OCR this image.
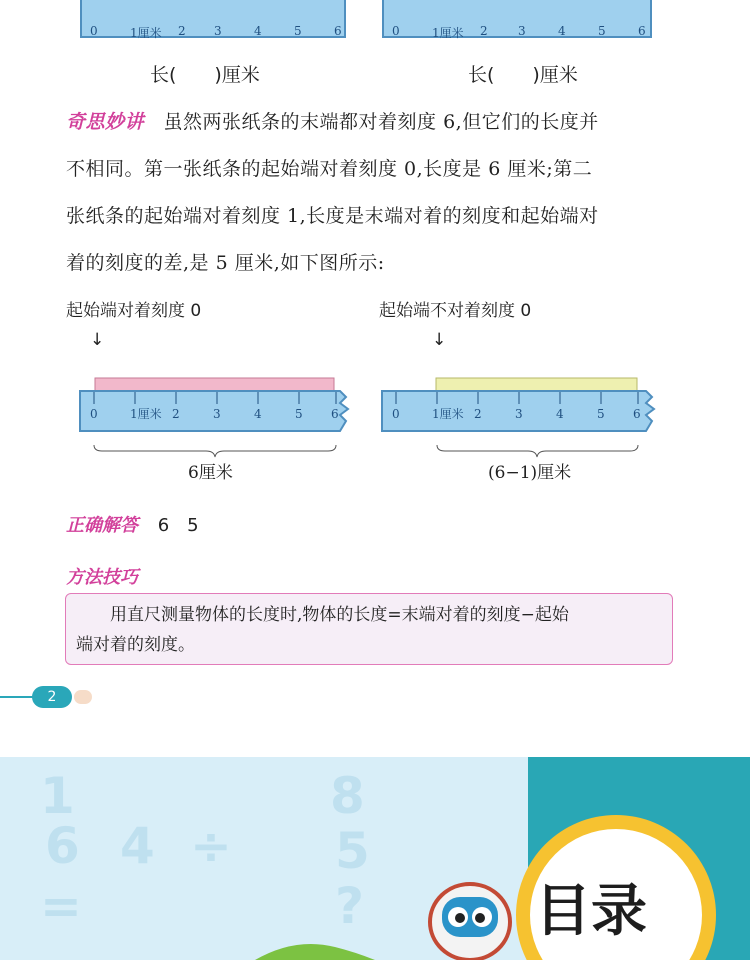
0	1厘米 2 3	4	5	6	0	1厘米 2	3	4	5	6
长(　　)厘米	长(　　)厘米
奇思妙讲　 虽然两张纸条的末端都对着刻度 6,但它们的长度并
不相同。第一张纸条的起始端对着刻度 0,长度是 6 厘米;第二
张纸条的起始端对着刻度 1,长度是末端对着的刻度和起始端对
着的刻度的差,是 5 厘米,如下图所示:
起始端对着刻度 0	起始端不对着刻度 0
↓	↓
0	1厘米 2	3	4	5 6
6厘米
0	1厘米 2	3	4	5 6
(6−1)厘米
正确解答 6　5
方法技巧
用直尺测量物体的长度时,物体的长度=末端对着的刻度−起始
端对着的刻度。
2
1	8
6 4 ÷ 5
?
=	目录
